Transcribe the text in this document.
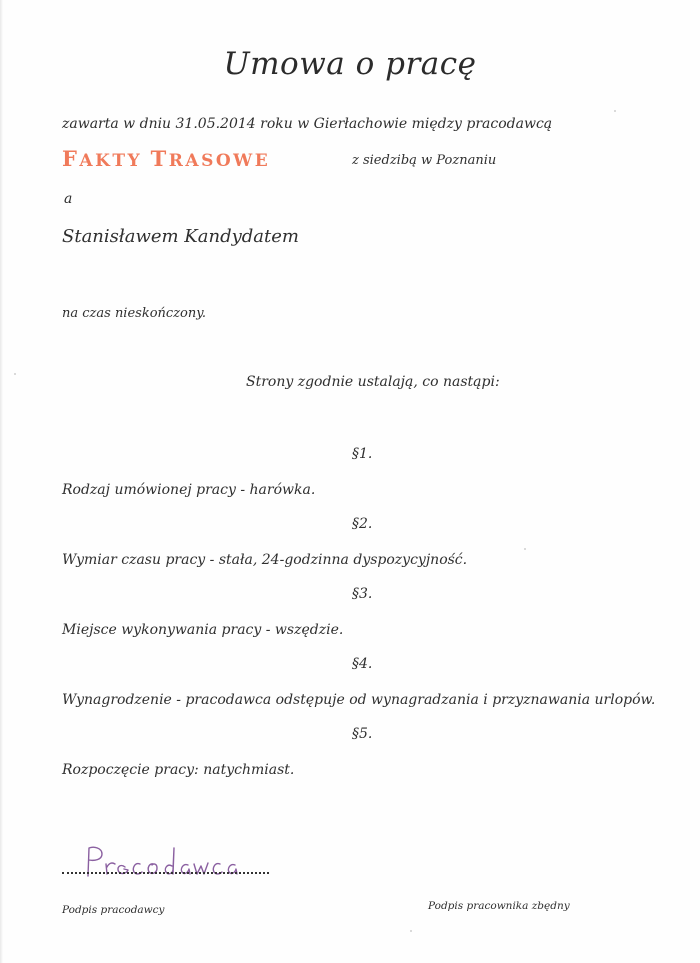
Umowa o pracę
zawarta w dniu 31.05.2014 roku w Gierłachowie między pracodawcą
FAKTY TRASOWE	z siedzibą w Poznaniu
a
Stanisławem Kandydatem
na czas nieskończony.
Strony zgodnie ustalają, co nastąpi:
§1.
Rodzaj umówionej pracy - harówka.
§2.
Wymiar czasu pracy - stała, 24-godzinna dyspozycyjność.
§3.
Miejsce wykonywania pracy - wszędzie.
§4.
Wynagrodzenie - pracodawca odstępuje od wynagradzania i przyznawania urlopów.
§5.
Rozpoczęcie pracy: natychmiast.
Podpis pracodawcy	Podpis pracownika zbędny
